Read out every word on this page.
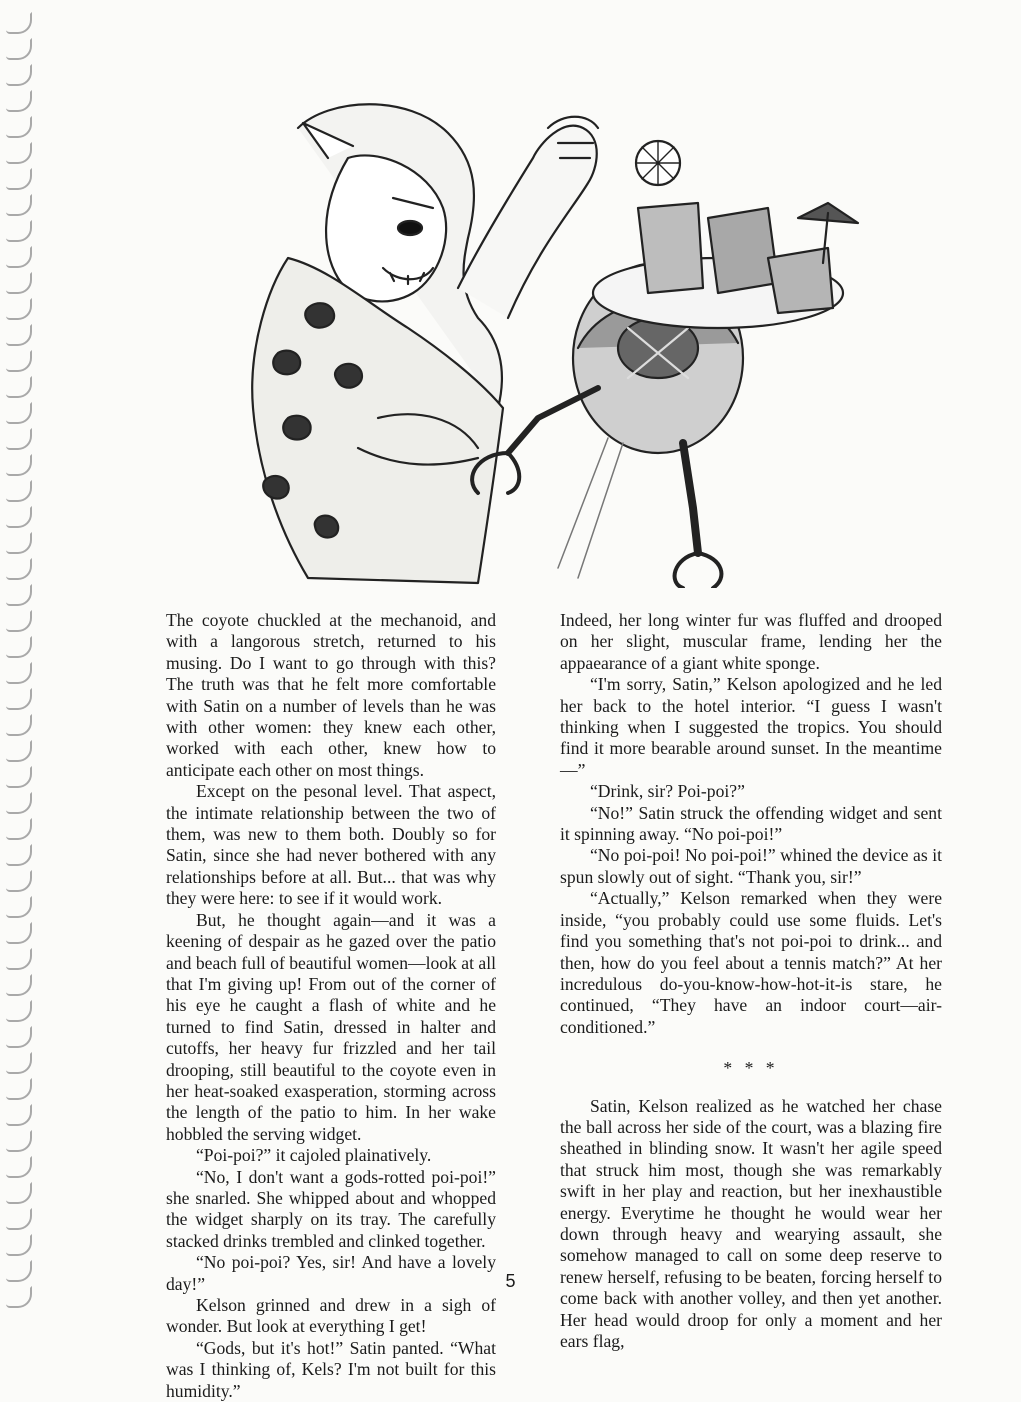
The coyote chuckled at the mechanoid, and with a langorous stretch, returned to his musing. Do I want to go through with this? The truth was that he felt more comfortable with Satin on a number of levels than he was with other women: they knew each other, worked with each other, knew how to anticipate each other on most things.

Except on the pesonal level. That aspect, the intimate relationship between the two of them, was new to them both. Doubly so for Satin, since she had never bothered with any relationships before at all. But... that was why they were here: to see if it would work.

But, he thought again—and it was a keening of despair as he gazed over the patio and beach full of beautiful women—look at all that I'm giving up! From out of the corner of his eye he caught a flash of white and he turned to find Satin, dressed in halter and cutoffs, her heavy fur frizzled and her tail drooping, still beautiful to the coyote even in her heat-soaked exasperation, storming across the length of the patio to him. In her wake hobbled the serving widget.

“Poi-poi?” it cajoled plainatively.

“No, I don't want a gods-rotted poi-poi!” she snarled. She whipped about and whopped the widget sharply on its tray. The carefully stacked drinks trembled and clinked together.

“No poi-poi? Yes, sir! And have a lovely day!”

Kelson grinned and drew in a sigh of wonder. But look at everything I get!

“Gods, but it's hot!” Satin panted. “What was I thinking of, Kels? I'm not built for this humidity.”

Indeed, her long winter fur was fluffed and drooped on her slight, muscular frame, lending her the appaearance of a giant white sponge.

“I'm sorry, Satin,” Kelson apologized and he led her back to the hotel interior. “I guess I wasn't thinking when I suggested the tropics. You should find it more bearable around sunset. In the meantime—”

“Drink, sir? Poi-poi?”

“No!” Satin struck the offending widget and sent it spinning away. “No poi-poi!”

“No poi-poi! No poi-poi!” whined the device as it spun slowly out of sight. “Thank you, sir!”

“Actually,” Kelson remarked when they were inside, “you probably could use some fluids. Let's find you something that's not poi-poi to drink... and then, how do you feel about a tennis match?” At her incredulous do-you-know-how-hot-it-is stare, he continued, “They have an indoor court—air-conditioned.”

* * *

Satin, Kelson realized as he watched her chase the ball across her side of the court, was a blazing fire sheathed in blinding snow. It wasn't her agile speed that struck him most, though she was remarkably swift in her play and reaction, but her inexhaustible energy. Everytime he thought he would wear her down through heavy and wearying assault, she somehow managed to call on some deep reserve to renew herself, refusing to be beaten, forcing herself to come back with another volley, and then yet another. Her head would droop for only a moment and her ears flag,

5
